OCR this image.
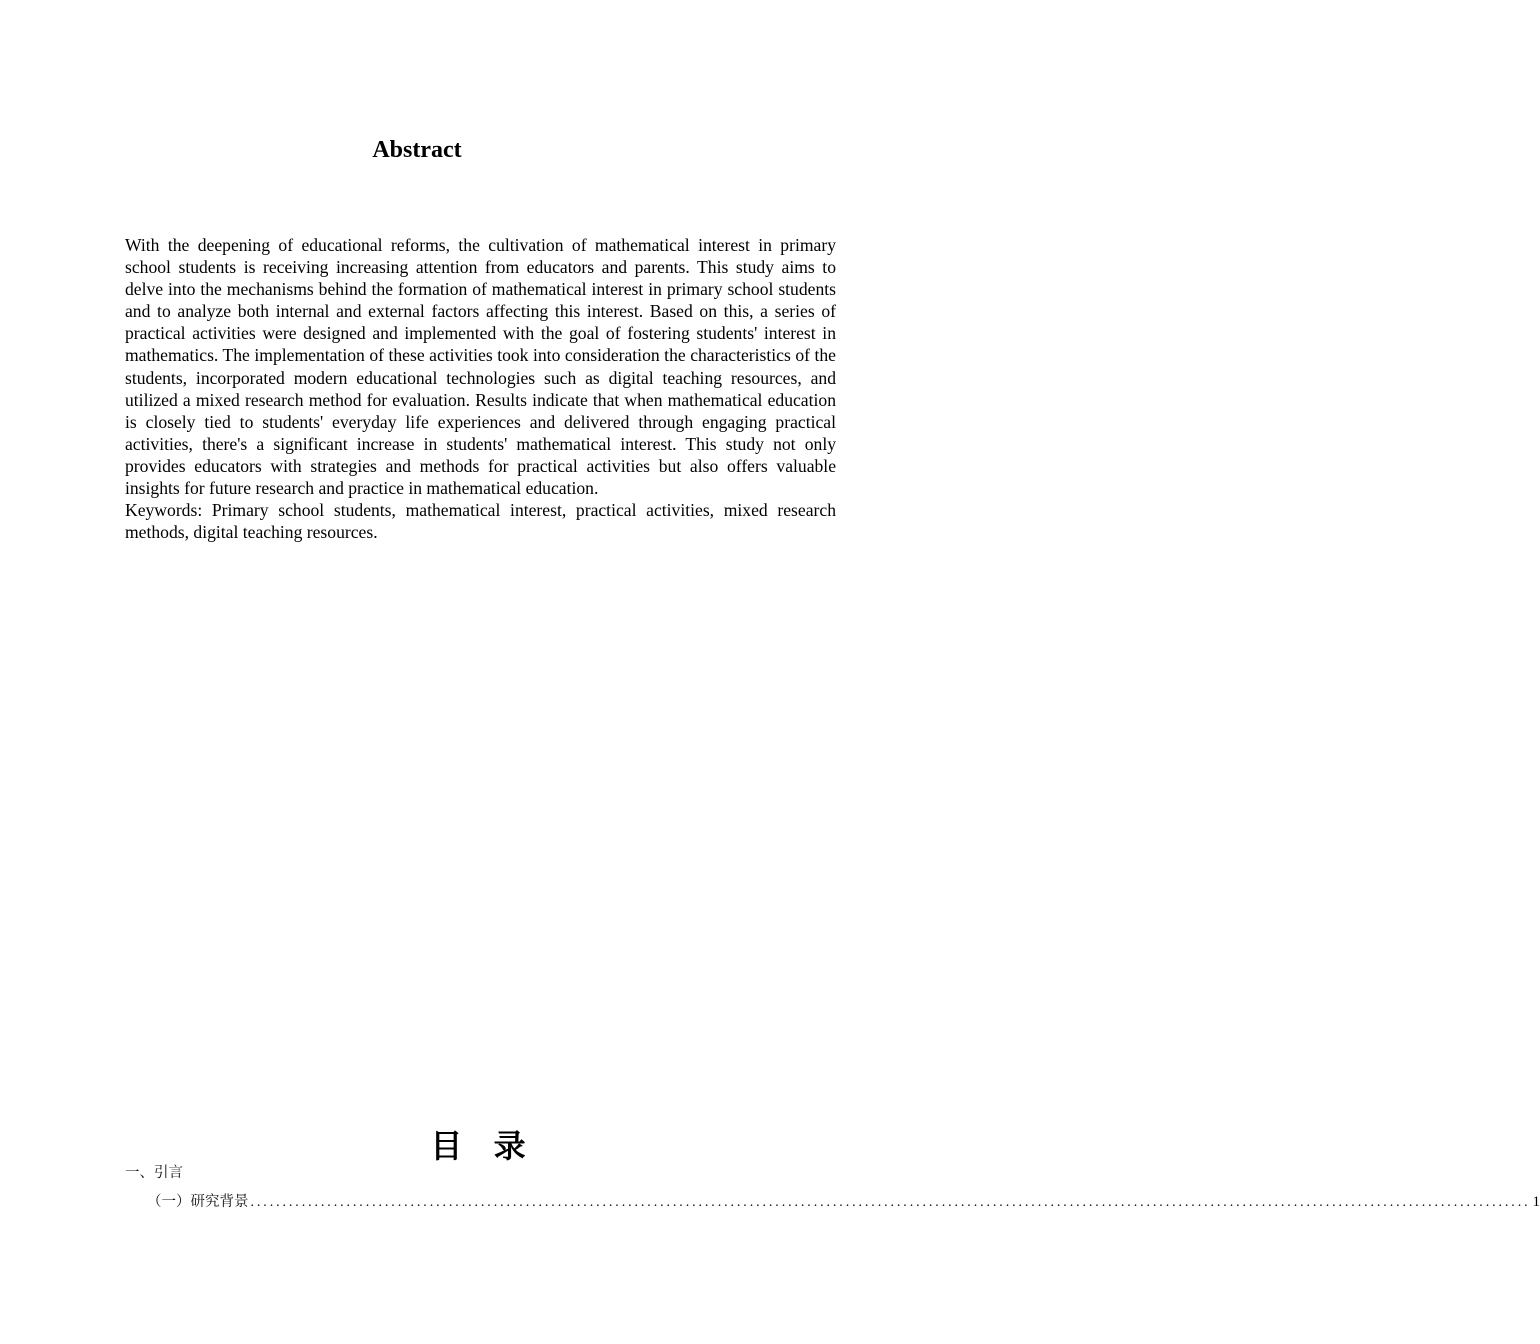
Abstract

With the deepening of educational reforms, the cultivation of mathematical interest in primary school students is receiving increasing attention from educators and parents. This study aims to delve into the mechanisms behind the formation of mathematical interest in primary school students and to analyze both internal and external factors affecting this interest. Based on this, a series of practical activities were designed and implemented with the goal of fostering students' interest in mathematics. The implementation of these activities took into consideration the characteristics of the students, incorporated modern educational technologies such as digital teaching resources, and utilized a mixed research method for evaluation. Results indicate that when mathematical education is closely tied to students' everyday life experiences and delivered through engaging practical activities, there's a significant increase in students' mathematical interest. This study not only provides educators with strategies and methods for practical activities but also offers valuable insights for future research and practice in mathematical education.

Keywords: Primary school students, mathematical interest, practical activities, mixed research methods, digital teaching resources.

目 录
一、引言
（一）研究背景 ........................................................................................................................................................................................................ 1
